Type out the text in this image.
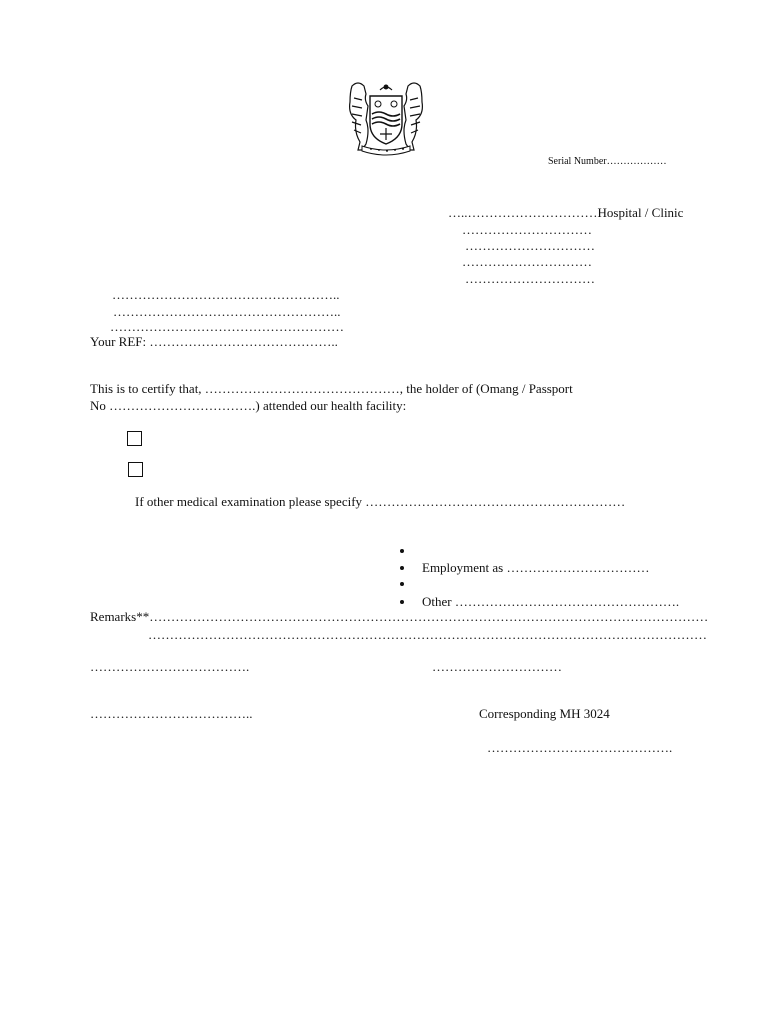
Serial Number………………
…..…………………………Hospital / Clinic
…………………………
…………………………
…………………………
…………………………
……………………………………………..
……………………………………………..
………………………………………………
Your REF: ……………………………………..
This is to certify that, ………………………………………, the holder of (Omang / Passport
No …………………………….) attended our health facility:
If other medical examination please specify ……………………………………………………
Employment as ……………………………
Other …………………………………………….
Remarks**…………………………………………………………………………………………………………………
…………………………………………………………………………………………………………………
……………………………….	…………………………
………………………………..	Corresponding MH 3024
…………………………………….
